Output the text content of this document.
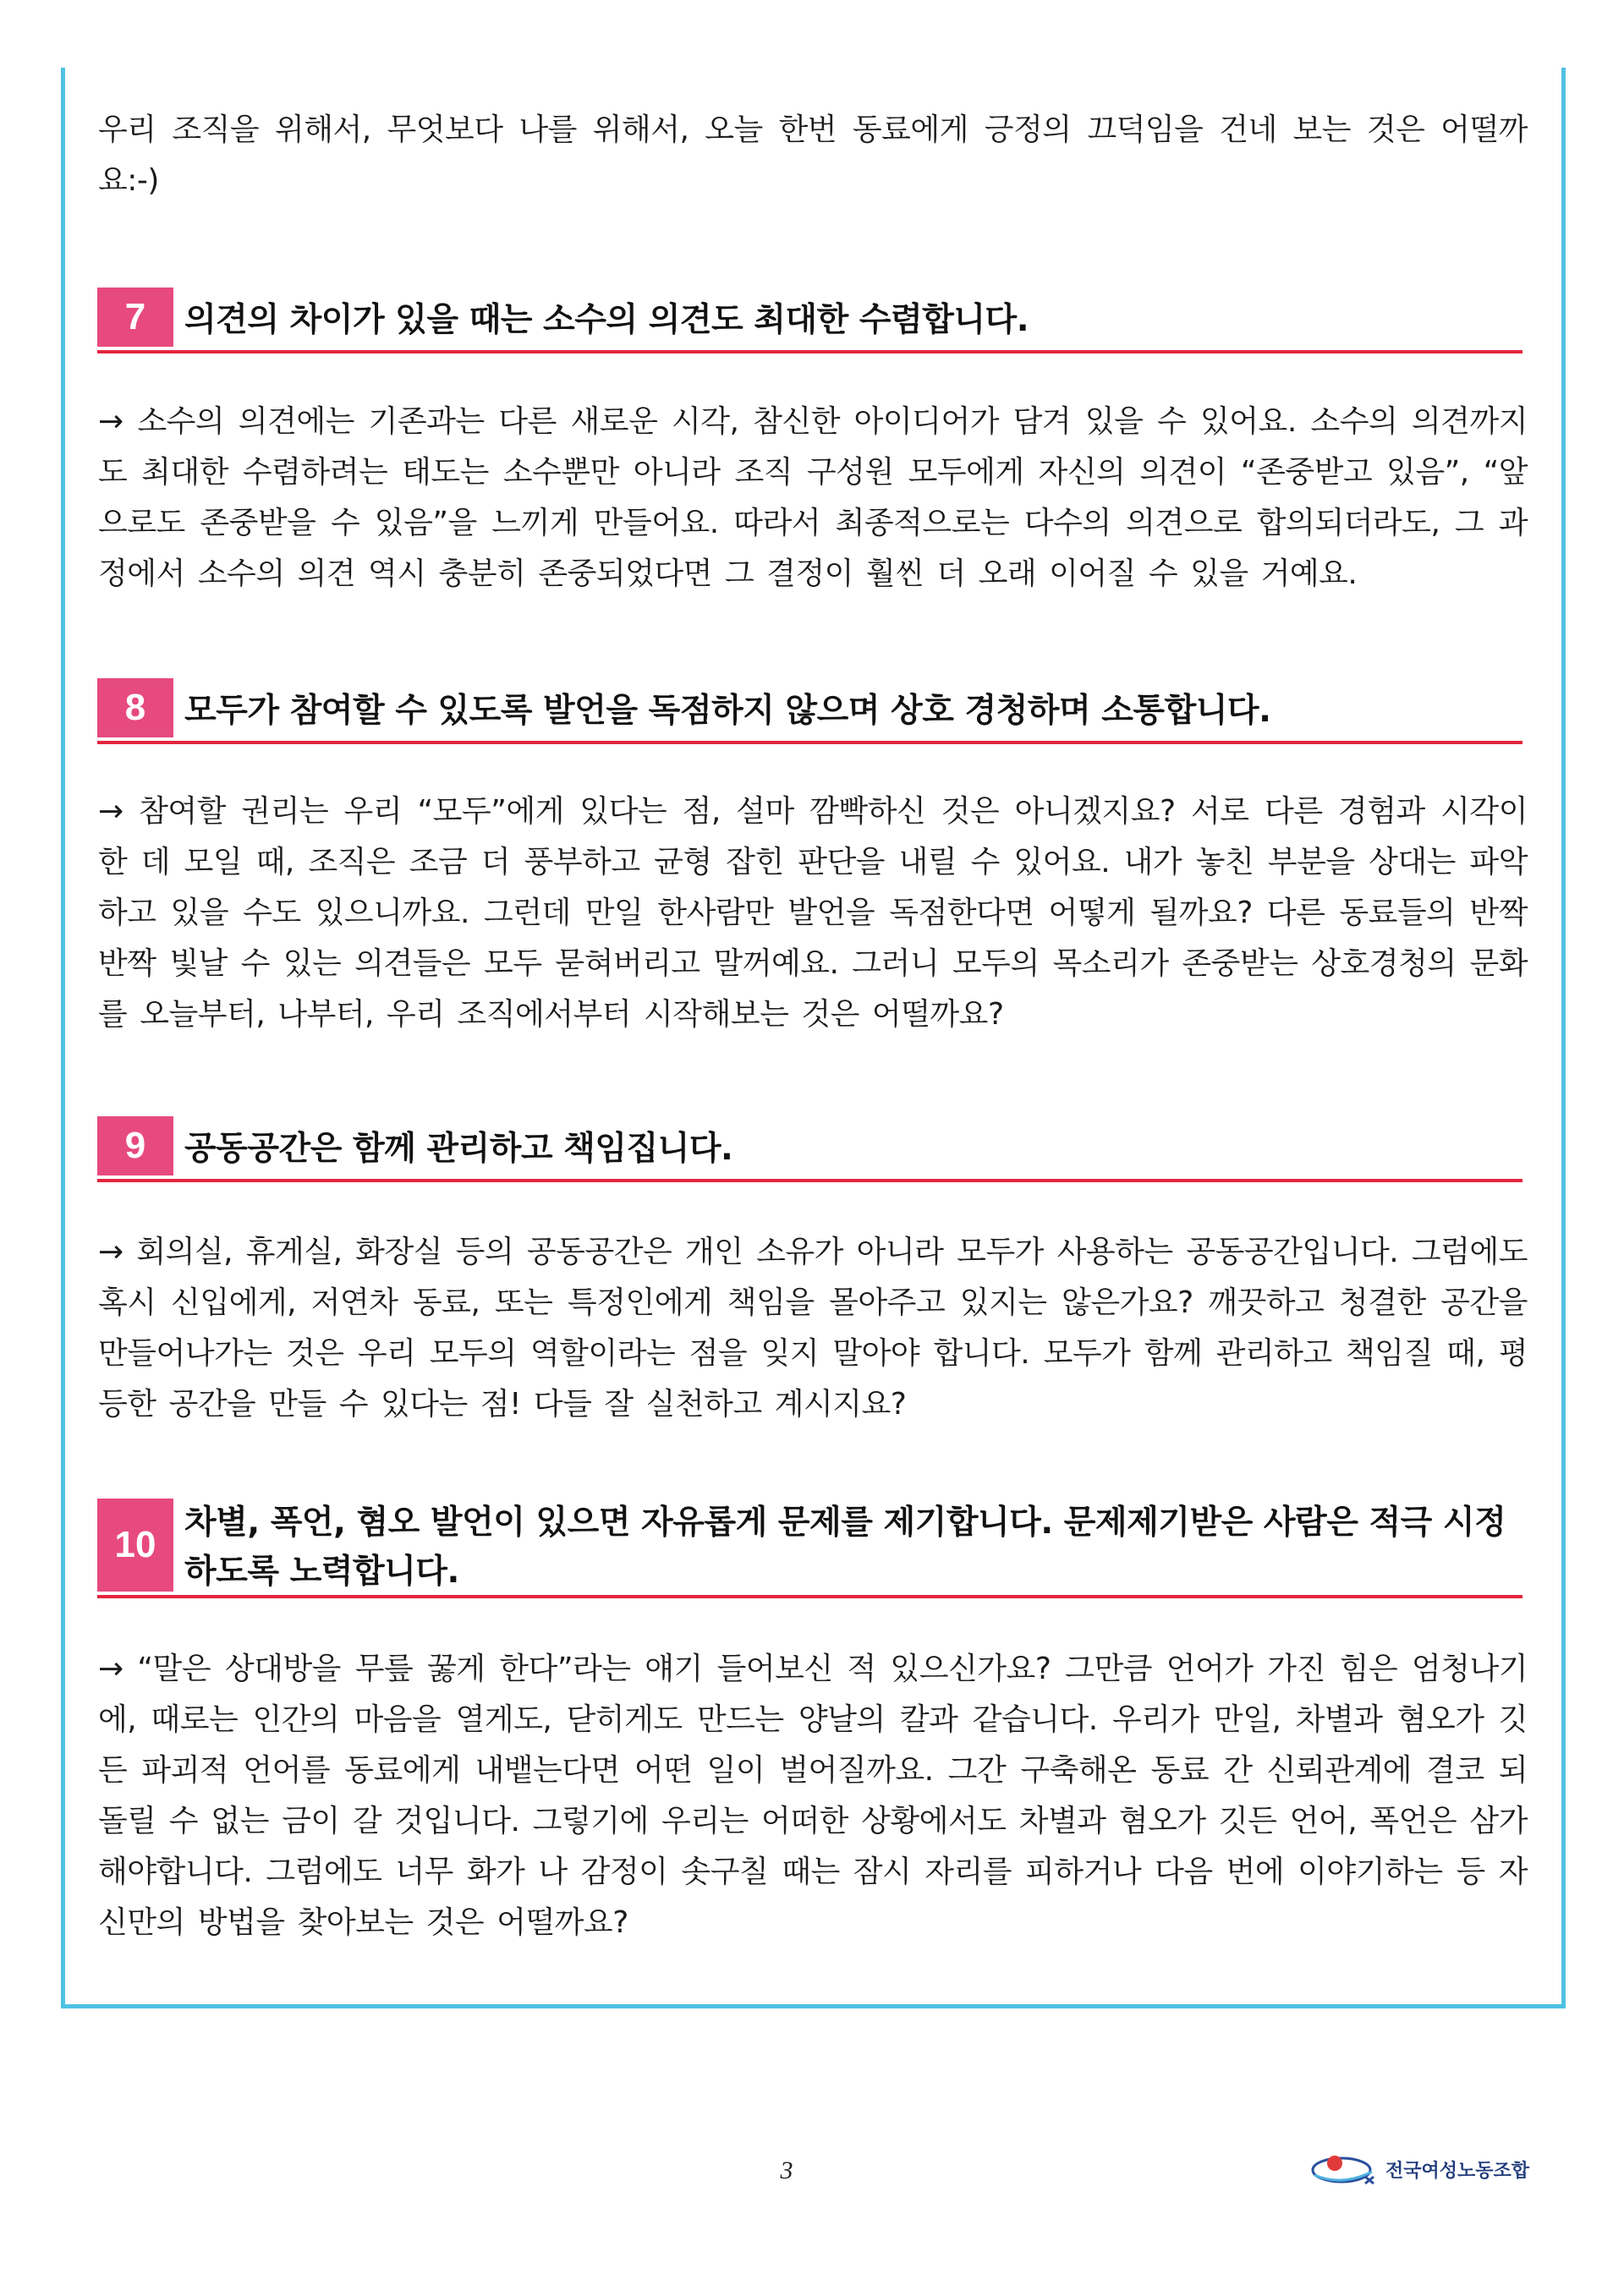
우리 조직을 위해서, 무엇보다 나를 위해서, 오늘 한번 동료에게 긍정의 끄덕임을 건네 보는 것은 어떨까요:-)

7	의견의 차이가 있을 때는 소수의 의견도 최대한 수렴합니다.

→ 소수의 의견에는 기존과는 다른 새로운 시각, 참신한 아이디어가 담겨 있을 수 있어요. 소수의 의견까지도 최대한 수렴하려는 태도는 소수뿐만 아니라 조직 구성원 모두에게 자신의 의견이 “존중받고 있음”, “앞으로도 존중받을 수 있음”을 느끼게 만들어요. 따라서 최종적으로는 다수의 의견으로 합의되더라도, 그 과정에서 소수의 의견 역시 충분히 존중되었다면 그 결정이 훨씬 더 오래 이어질 수 있을 거예요.

8	모두가 참여할 수 있도록 발언을 독점하지 않으며 상호 경청하며 소통합니다.

→ 참여할 권리는 우리 “모두”에게 있다는 점, 설마 깜빡하신 것은 아니겠지요? 서로 다른 경험과 시각이 한 데 모일 때, 조직은 조금 더 풍부하고 균형 잡힌 판단을 내릴 수 있어요. 내가 놓친 부분을 상대는 파악하고 있을 수도 있으니까요. 그런데 만일 한사람만 발언을 독점한다면 어떻게 될까요? 다른 동료들의 반짝반짝 빛날 수 있는 의견들은 모두 묻혀버리고 말꺼예요. 그러니 모두의 목소리가 존중받는 상호경청의 문화를 오늘부터, 나부터, 우리 조직에서부터 시작해보는 것은 어떨까요?

9	공동공간은 함께 관리하고 책임집니다.

→ 회의실, 휴게실, 화장실 등의 공동공간은 개인 소유가 아니라 모두가 사용하는 공동공간입니다. 그럼에도 혹시 신입에게, 저연차 동료, 또는 특정인에게 책임을 몰아주고 있지는 않은가요? 깨끗하고 청결한 공간을 만들어나가는 것은 우리 모두의 역할이라는 점을 잊지 말아야 합니다. 모두가 함께 관리하고 책임질 때, 평등한 공간을 만들 수 있다는 점! 다들 잘 실천하고 계시지요?

10
차별, 폭언, 혐오 발언이 있으면 자유롭게 문제를 제기합니다. 문제제기받은 사람은 적극 시정하도록 노력합니다.

→ “말은 상대방을 무릎 꿇게 한다”라는 얘기 들어보신 적 있으신가요? 그만큼 언어가 가진 힘은 엄청나기에, 때로는 인간의 마음을 열게도, 닫히게도 만드는 양날의 칼과 같습니다. 우리가 만일, 차별과 혐오가 깃든 파괴적 언어를 동료에게 내뱉는다면 어떤 일이 벌어질까요. 그간 구축해온 동료 간 신뢰관계에 결코 되돌릴 수 없는 금이 갈 것입니다. 그렇기에 우리는 어떠한 상황에서도 차별과 혐오가 깃든 언어, 폭언은 삼가해야합니다. 그럼에도 너무 화가 나 감정이 솟구칠 때는 잠시 자리를 피하거나 다음 번에 이야기하는 등 자신만의 방법을 찾아보는 것은 어떨까요?

3	전국여성노동조합
